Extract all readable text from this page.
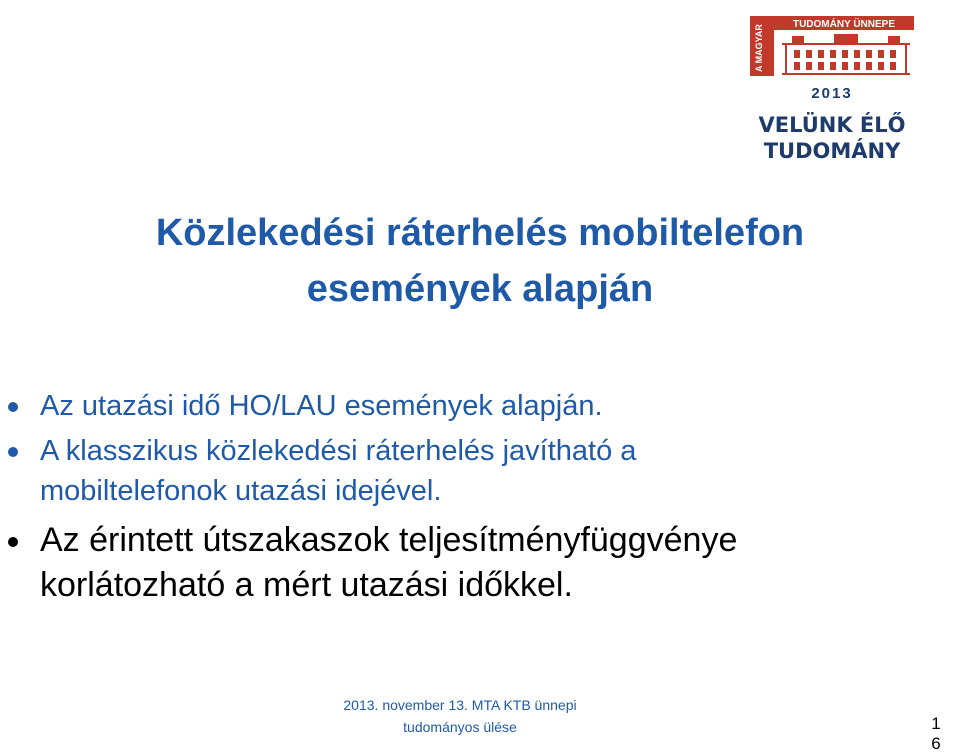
A MAGYAR	TUDOMÁNY ÜNNEPE
2013
VELÜNK ÉLŐ
TUDOMÁNY
Közlekedési ráterhelés mobiltelefon
események alapján
Az utazási idő HO/LAU események alapján.
A klasszikus közlekedési ráterhelés javítható a
mobiltelefonok utazási idejével.
Az érintett útszakaszok teljesítményfüggvénye
korlátozható a mért utazási időkkel.
2013. november 13. MTA KTB ünnepi
tudományos ülése	1
6
